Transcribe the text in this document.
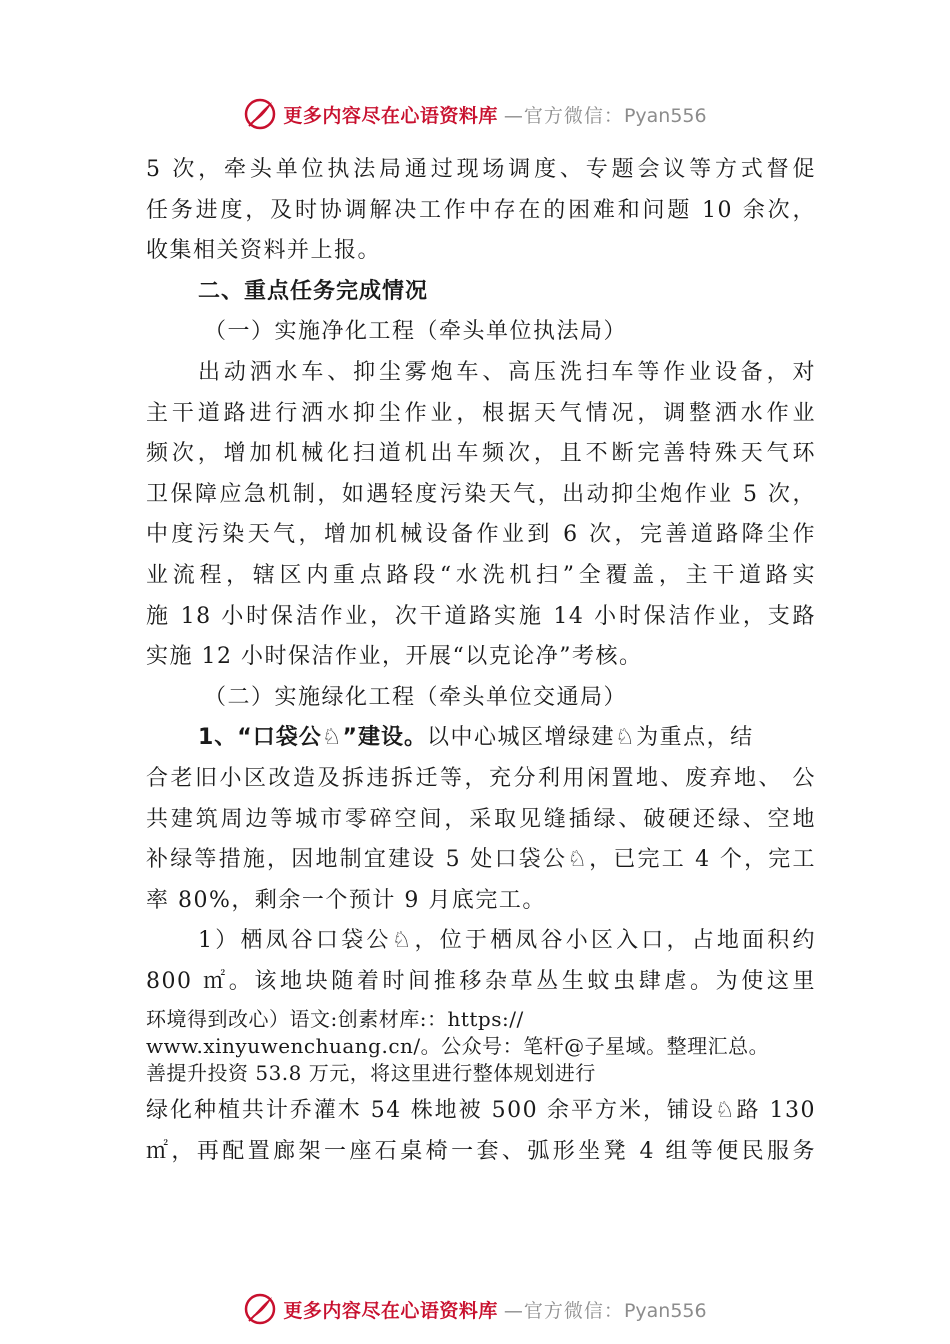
更多内容尽在心语资料库 —官方微信：Pyan556
5 次，牵头单位执法局通过现场调度、专题会议等方式督促
任务进度，及时协调解决工作中存在的困难和问题 10 余次，
收集相关资料并上报。
二、重点任务完成情况
（一）实施净化工程（牵头单位执法局）
出动洒水车、抑尘雾炮车、高压洗扫车等作业设备，对
主干道路进行洒水抑尘作业，根据天气情况，调整洒水作业
频次，增加机械化扫道机出车频次，且不断完善特殊天气环
卫保障应急机制，如遇轻度污染天气，出动抑尘炮作业 5 次，
中度污染天气，增加机械设备作业到 6 次，完善道路降尘作
业流程，辖区内重点路段“水洗机扫”全覆盖，主干道路实
施 18 小时保洁作业，次干道路实施 14 小时保洁作业，支路
实施 12 小时保洁作业，开展“以克论净”考核。
（二）实施绿化工程（牵头单位交通局）
1、“口袋公♘”建设。以中心城区增绿建♘为重点，结
合老旧小区改造及拆违拆迁等，充分利用闲置地、废弃地、 公
共建筑周边等城市零碎空间，采取见缝插绿、破硬还绿、空地
补绿等措施，因地制宜建设 5 处口袋公♘，已完工 4 个，完工
率 80%，剩余一个预计 9 月底完工。
1）栖凤谷口袋公♘，位于栖凤谷小区入口，占地面积约
800 ㎡。该地块随着时间推移杂草丛生蚊虫肆虐。为使这里
环境得到改心）语文:创素材库:：https://
www.xinyuwenchuang.cn/。公众号：笔杆@子星域。整理汇总。
善提升投资 53.8 万元，将这里进行整体规划进行
绿化种植共计乔灌木 54 株地被 500 余平方米，铺设♘路 130
㎡，再配置廊架一座石桌椅一套、弧形坐凳 4 组等便民服务
更多内容尽在心语资料库 —官方微信：Pyan556
